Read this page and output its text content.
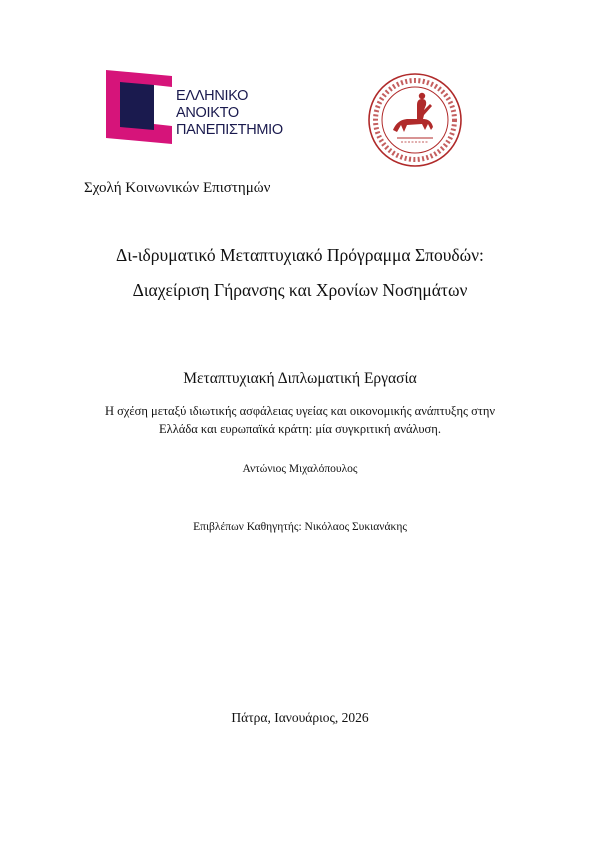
ΕΛΛΗΝΙΚΟ
ΑΝΟΙΚΤΟ
ΠΑΝΕΠΙΣΤΗΜΙΟ
Σχολή Κοινωνικών Επιστημών
Δι-ιδρυματικό Μεταπτυχιακό Πρόγραμμα Σπουδών:
Διαχείριση Γήρανσης και Χρονίων Νοσημάτων
Μεταπτυχιακή Διπλωματική Εργασία
Η σχέση μεταξύ ιδιωτικής ασφάλειας υγείας και οικονομικής ανάπτυξης στην
Ελλάδα και ευρωπαϊκά κράτη: μία συγκριτική ανάλυση.
Αντώνιος Μιχαλόπουλος
Επιβλέπων Καθηγητής: Νικόλαος Συκιανάκης
Πάτρα, Ιανουάριος, 2026
